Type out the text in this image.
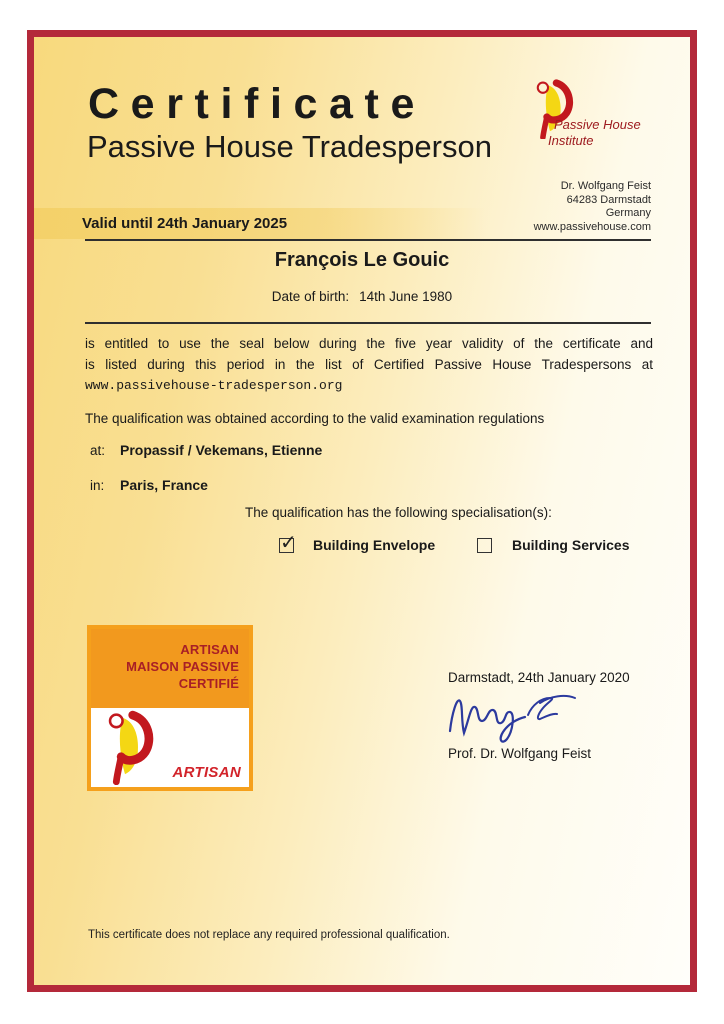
Certificate
Passive House Tradesperson
Passive House
Institute
Dr. Wolfgang Feist
64283 Darmstadt
Germany
www.passivehouse.com
Valid until 24th January 2025
François Le Gouic
Date of birth: 14th June 1980
is entitled to use the seal below during the five year validity of the certificate and
is listed during this period in the list of Certified Passive House Tradespersons at
www.passivehouse-tradesperson.org
The qualification was obtained according to the valid examination regulations
at: Propassif / Vekemans, Etienne
in: Paris, France
The qualification has the following specialisation(s):
✓ Building Envelope	Building Services
ARTISAN
MAISON PASSIVE
CERTIFIÉ
ARTISAN
Darmstadt, 24th January 2020
Prof. Dr. Wolfgang Feist
This certificate does not replace any required professional qualification.
